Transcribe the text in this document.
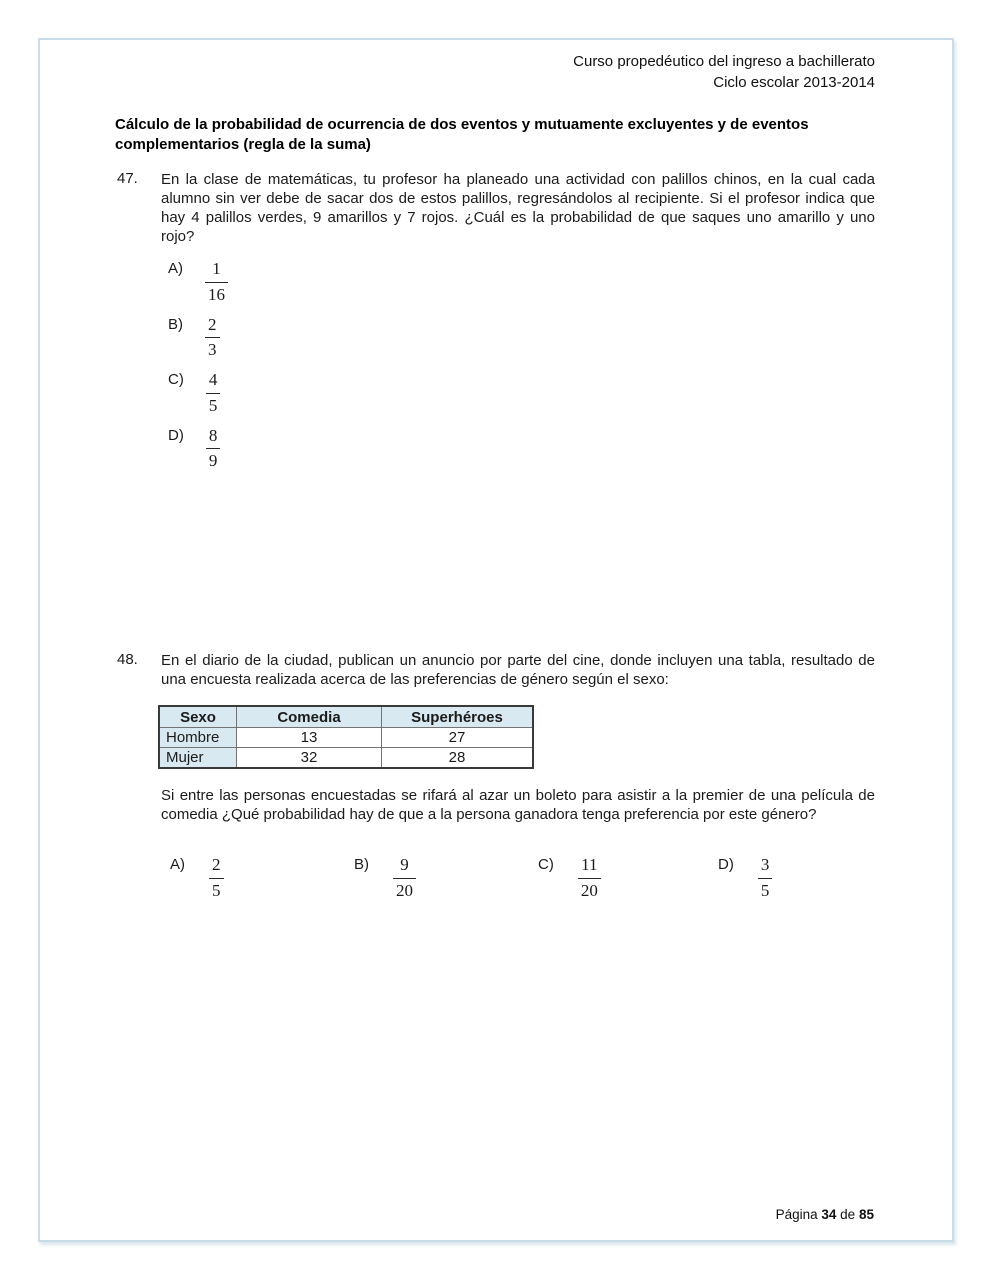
Curso propedéutico del ingreso a bachillerato
Ciclo escolar 2013-2014
Cálculo de la probabilidad de ocurrencia de dos eventos y mutuamente excluyentes y de eventos complementarios (regla de la suma)
47. En la clase de matemáticas, tu profesor ha planeado una actividad con palillos chinos, en la cual cada alumno sin ver debe de sacar dos de estos palillos, regresándolos al recipiente. Si el profesor indica que hay 4 palillos verdes, 9 amarillos y 7 rojos. ¿Cuál es la probabilidad de que saques uno amarillo y uno rojo?
$A) \frac{1}{16}$
$B) \frac{2}{3}$
$C) \frac{4}{5}$
$D) \frac{8}{9}$
48. En el diario de la ciudad, publican un anuncio por parte del cine, donde incluyen una tabla, resultado de una encuesta realizada acerca de las preferencias de género según el sexo:
Sexo	Comedia	Superhéroes
Hombre	13	27
Mujer	32	28
Si entre las personas encuestadas se rifará al azar un boleto para asistir a la premier de una película de comedia ¿Qué probabilidad hay de que a la persona ganadora tenga preferencia por este género?
$A) \frac{2}{5}$	$B) \frac{9}{20}$	$C) \frac{11}{20}$	$D) \frac{3}{5}$
Página 34 de 85
